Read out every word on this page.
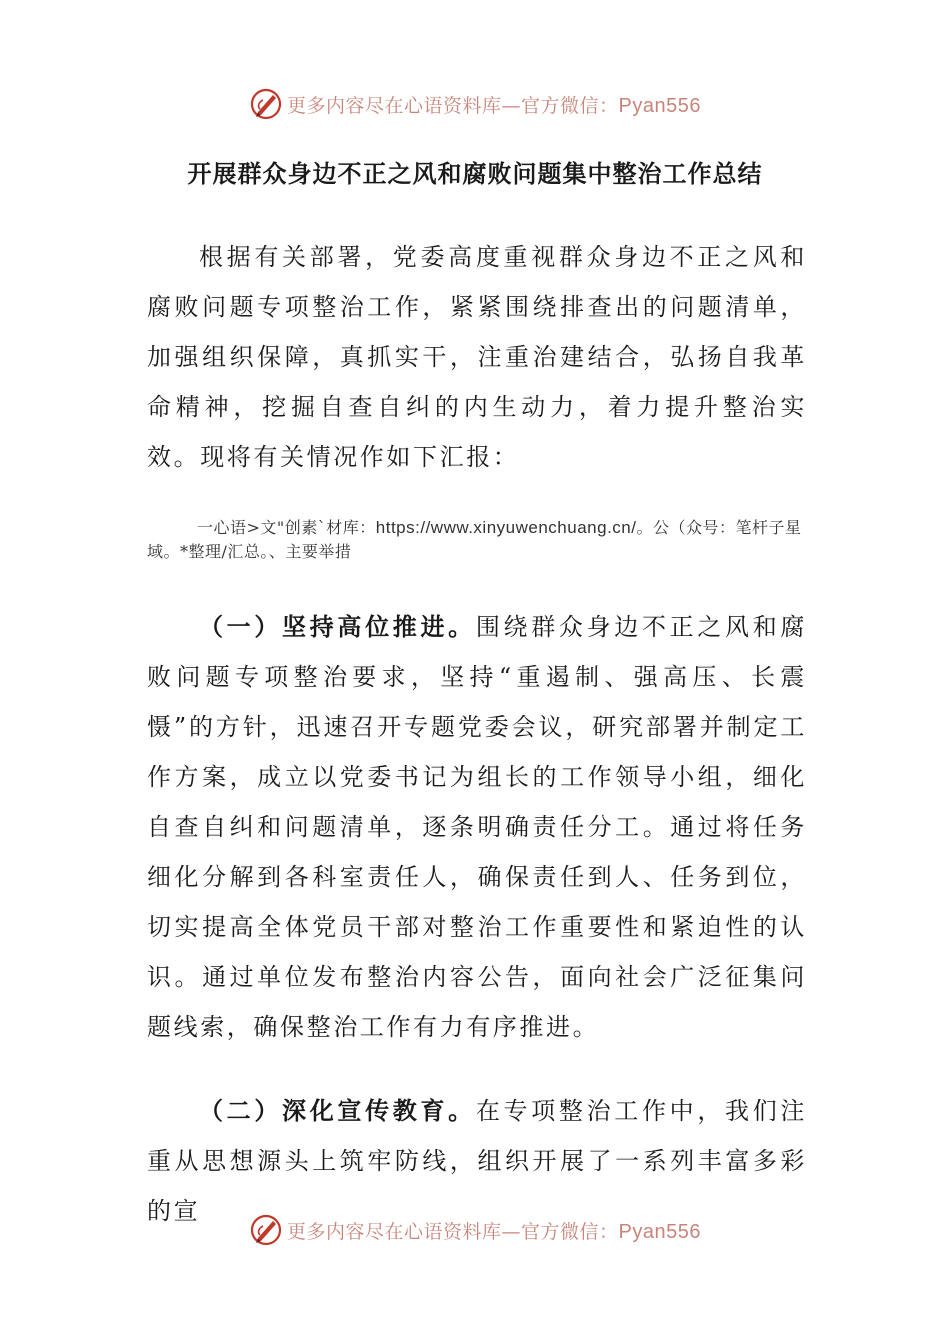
更多内容尽在心语资料库—官方微信：Pyan556
开展群众身边不正之风和腐败问题集中整治工作总结
根据有关部署，党委高度重视群众身边不正之风和腐败问题专项整治工作，紧紧围绕排查出的问题清单，加强组织保障，真抓实干，注重治建结合，弘扬自我革命精神，挖掘自查自纠的内生动力，着力提升整治实效。现将有关情况作如下汇报：
一心语>文"创素`材库：https://www.xinyuwenchuang.cn/。公（众号：笔杆子星域。*整理/汇总。、主要举措
（一）坚持高位推进。围绕群众身边不正之风和腐败问题专项整治要求，坚持“重遏制、强高压、长震慑”的方针，迅速召开专题党委会议，研究部署并制定工作方案，成立以党委书记为组长的工作领导小组，细化自查自纠和问题清单，逐条明确责任分工。通过将任务细化分解到各科室责任人，确保责任到人、任务到位，切实提高全体党员干部对整治工作重要性和紧迫性的认识。通过单位发布整治内容公告，面向社会广泛征集问题线索，确保整治工作有力有序推进。
（二）深化宣传教育。在专项整治工作中，我们注重从思想源头上筑牢防线，组织开展了一系列丰富多彩的宣
更多内容尽在心语资料库—官方微信：Pyan556
